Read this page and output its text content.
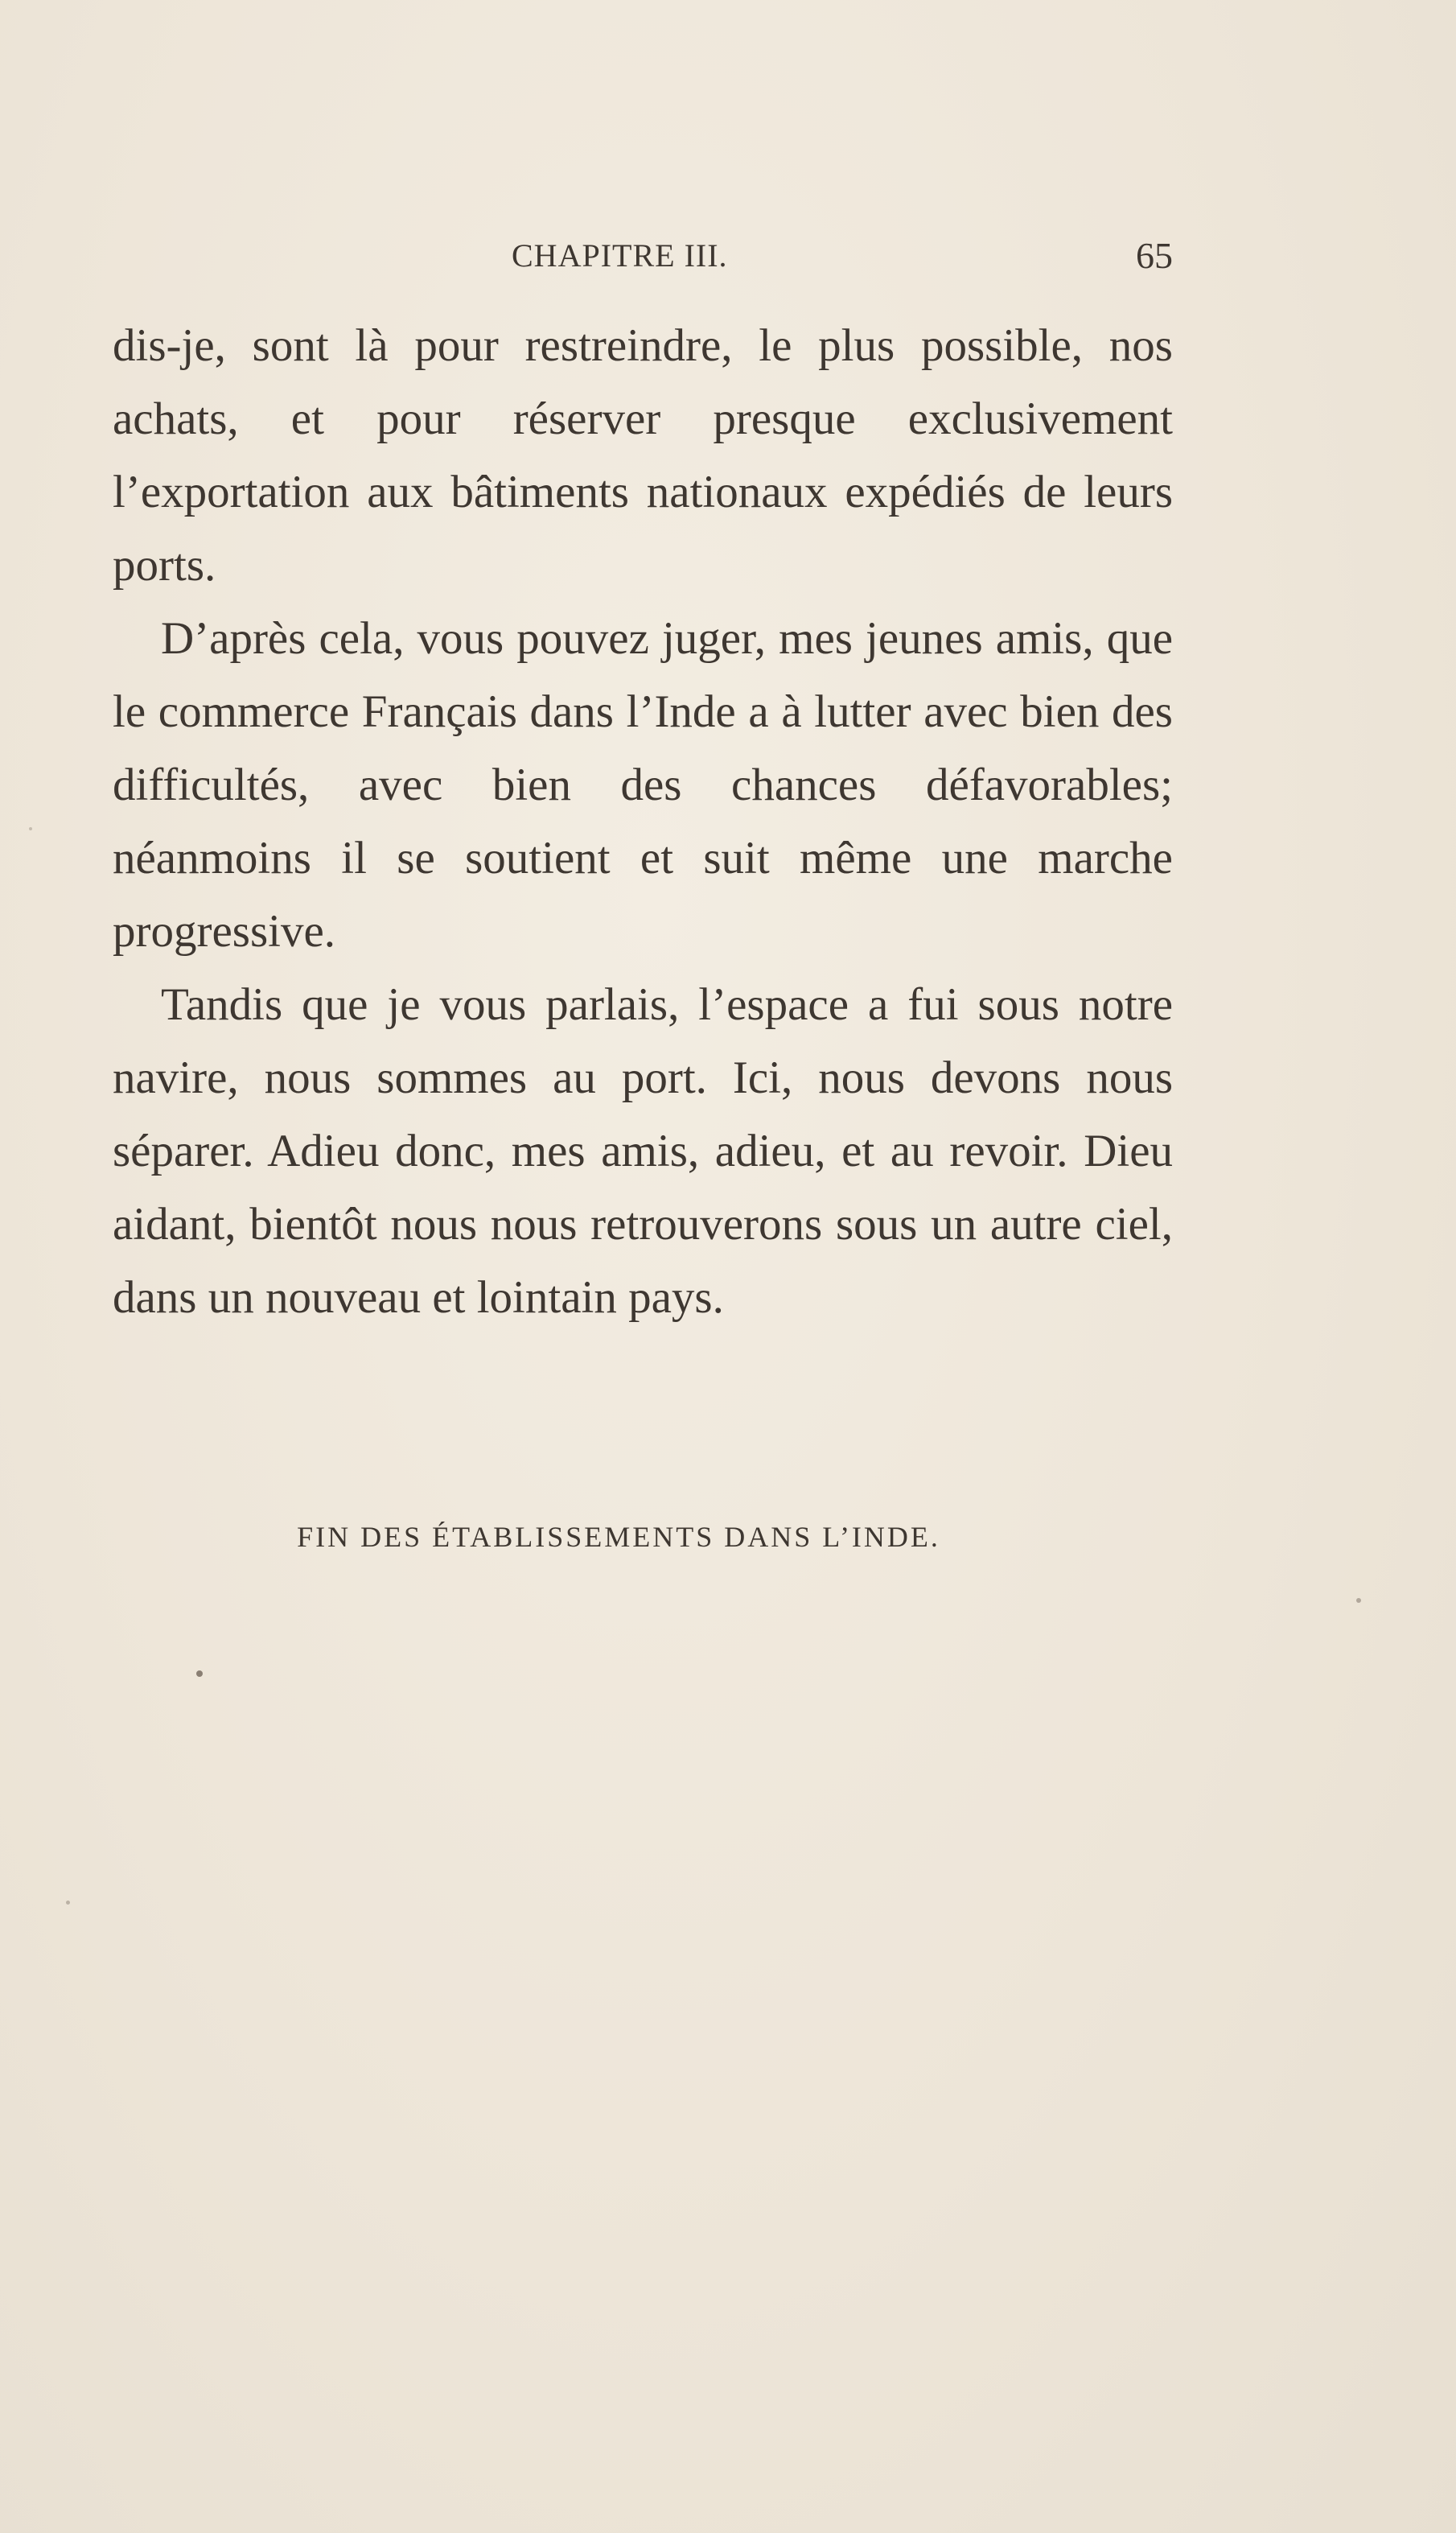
CHAPITRE III.	65

dis-je, sont là pour restreindre, le plus possible, nos achats, et pour réserver presque exclusivement l’exportation aux bâtiments nationaux expédiés de leurs ports.

D’après cela, vous pouvez juger, mes jeunes amis, que le commerce Français dans l’Inde a à lutter avec bien des difficultés, avec bien des chances défavorables; néanmoins il se soutient et suit même une marche progressive.

Tandis que je vous parlais, l’espace a fui sous notre navire, nous sommes au port. Ici, nous devons nous séparer. Adieu donc, mes amis, adieu, et au revoir. Dieu aidant, bientôt nous nous retrouverons sous un autre ciel, dans un nouveau et lointain pays.

FIN DES ÉTABLISSEMENTS DANS L’INDE.
